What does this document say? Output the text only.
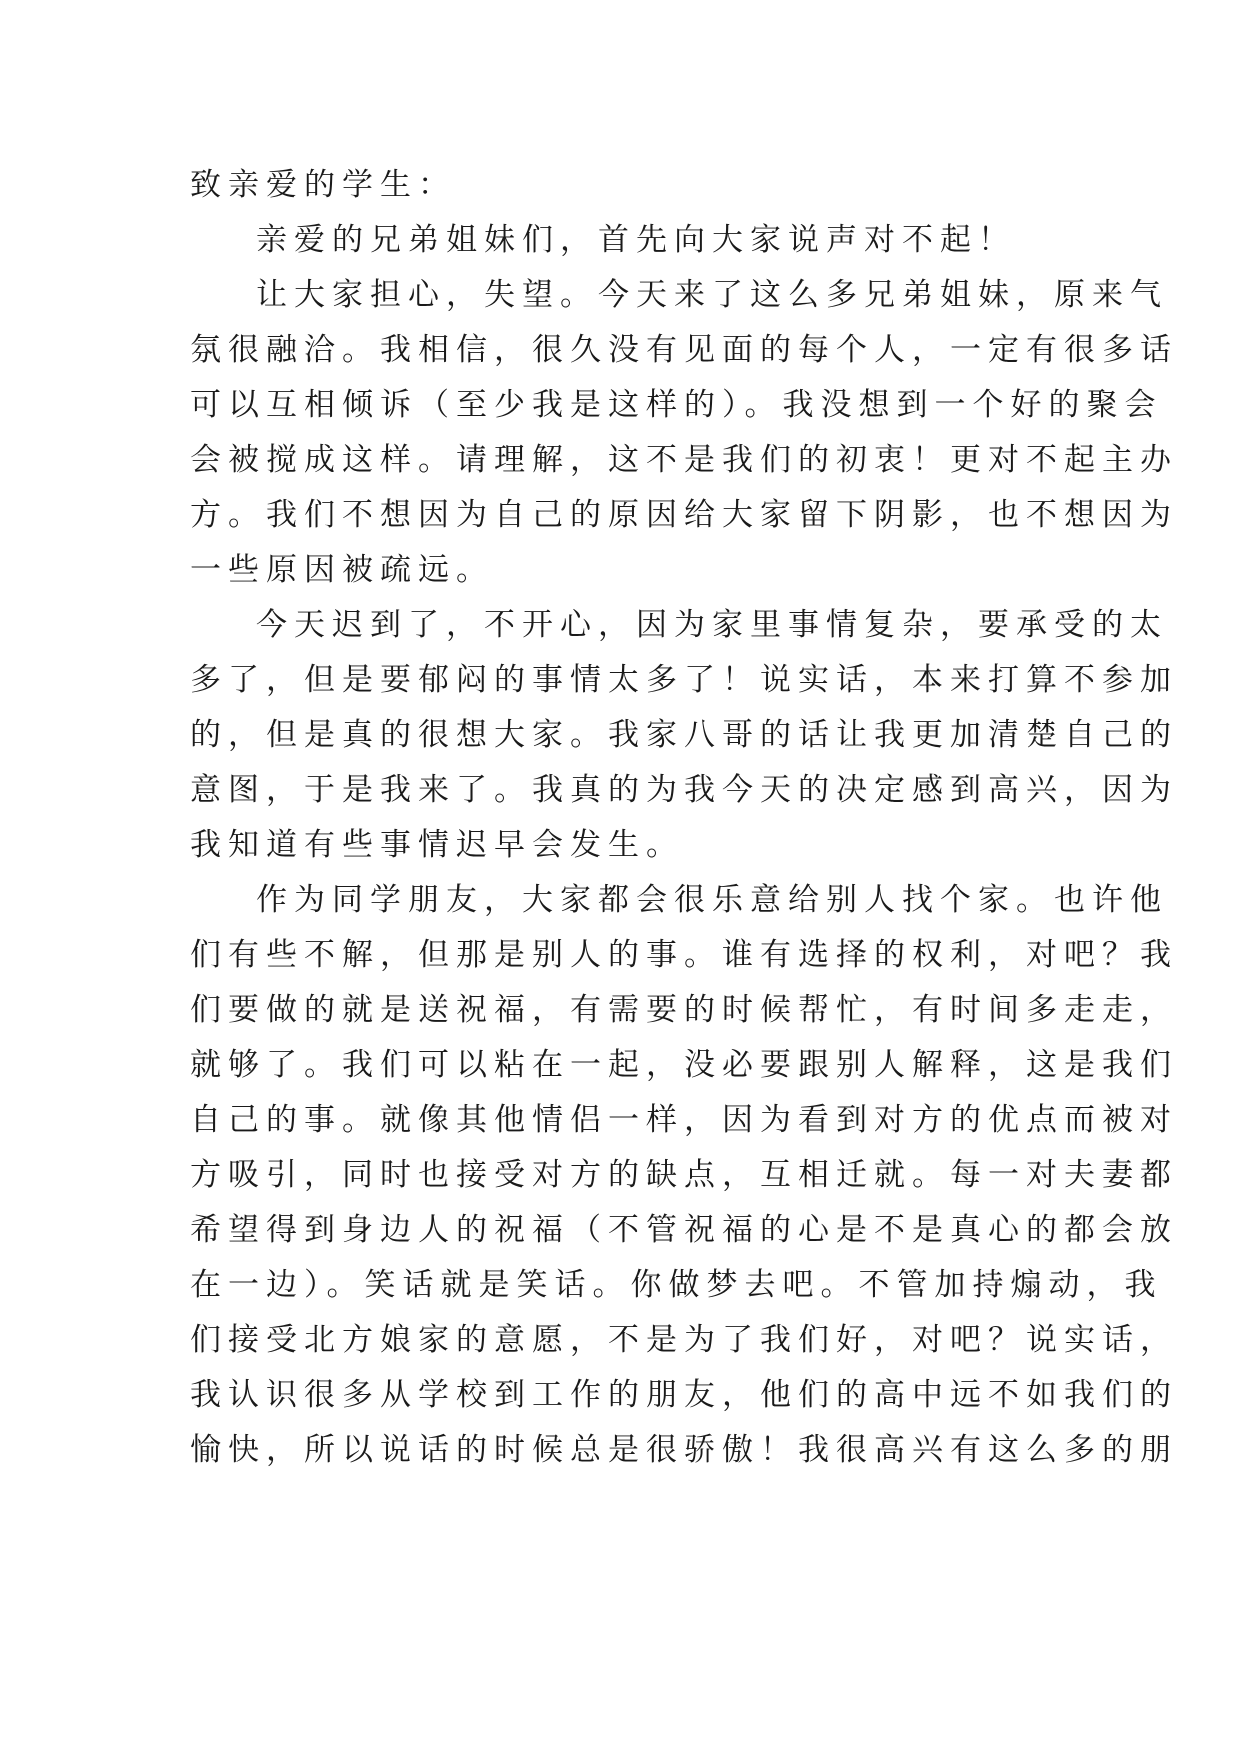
致亲爱的学生：
亲爱的兄弟姐妹们，首先向大家说声对不起！
让大家担心，失望。今天来了这么多兄弟姐妹，原来气
氛很融洽。我相信，很久没有见面的每个人，一定有很多话
可以互相倾诉（至少我是这样的）。我没想到一个好的聚会
会被搅成这样。请理解，这不是我们的初衷！更对不起主办
方。我们不想因为自己的原因给大家留下阴影，也不想因为
一些原因被疏远。
今天迟到了，不开心，因为家里事情复杂，要承受的太
多了，但是要郁闷的事情太多了！说实话，本来打算不参加
的，但是真的很想大家。我家八哥的话让我更加清楚自己的
意图，于是我来了。我真的为我今天的决定感到高兴，因为
我知道有些事情迟早会发生。
作为同学朋友，大家都会很乐意给别人找个家。也许他
们有些不解，但那是别人的事。谁有选择的权利，对吧？我
们要做的就是送祝福，有需要的时候帮忙，有时间多走走，
就够了。我们可以粘在一起，没必要跟别人解释，这是我们
自己的事。就像其他情侣一样，因为看到对方的优点而被对
方吸引，同时也接受对方的缺点，互相迁就。每一对夫妻都
希望得到身边人的祝福（不管祝福的心是不是真心的都会放
在一边）。笑话就是笑话。你做梦去吧。不管加持煽动，我
们接受北方娘家的意愿，不是为了我们好，对吧？说实话，
我认识很多从学校到工作的朋友，他们的高中远不如我们的
愉快，所以说话的时候总是很骄傲！我很高兴有这么多的朋
